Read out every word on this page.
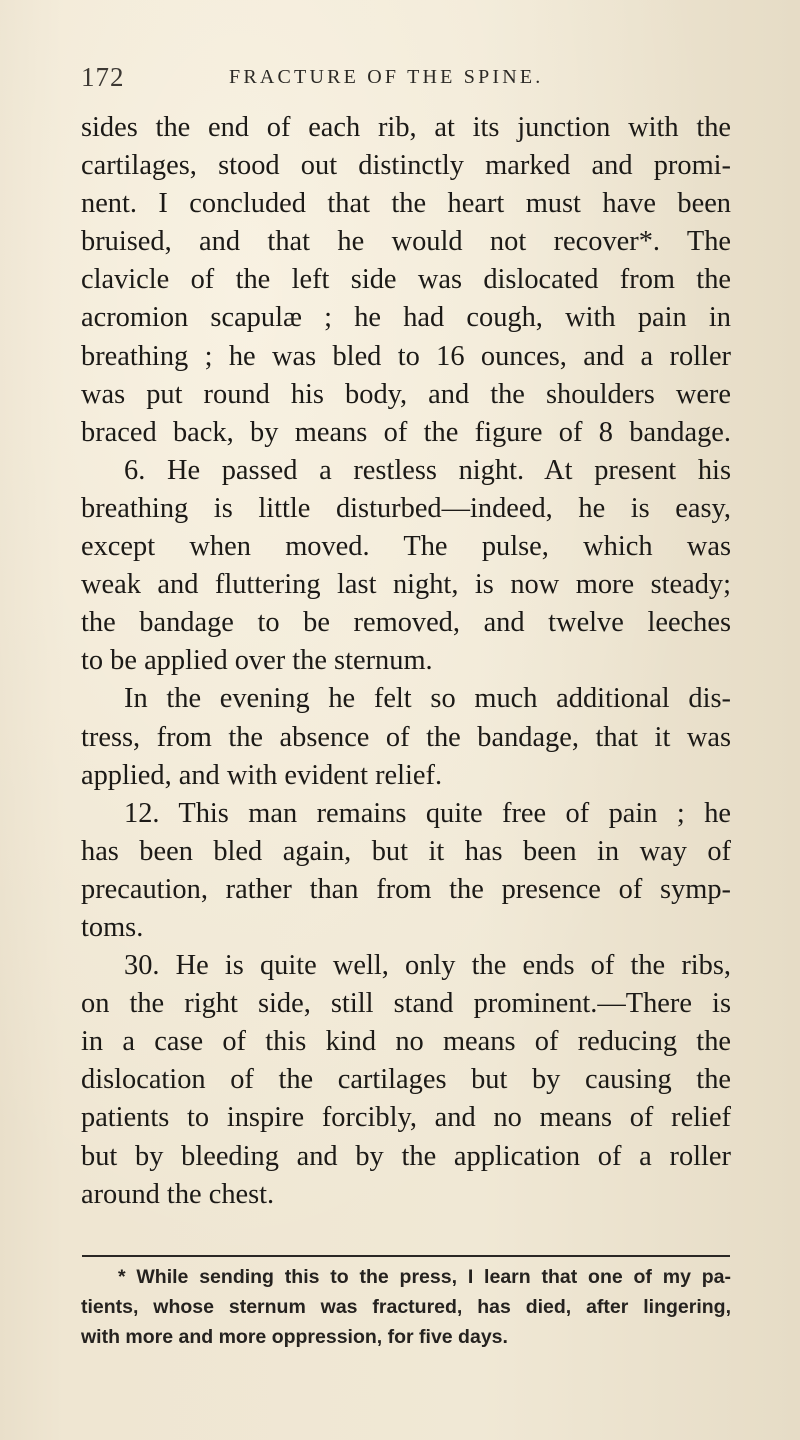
172	FRACTURE OF THE SPINE.
sides the end of each rib, at its junction with the
cartilages, stood out distinctly marked and promi-
nent. I concluded that the heart must have been
bruised, and that he would not recover*. The
clavicle of the left side was dislocated from the
acromion scapulæ ; he had cough, with pain in
breathing ; he was bled to 16 ounces, and a roller
was put round his body, and the shoulders were
braced back, by means of the figure of 8 bandage.
6. He passed a restless night. At present his
breathing is little disturbed—indeed, he is easy,
except when moved. The pulse, which was
weak and fluttering last night, is now more steady;
the bandage to be removed, and twelve leeches
to be applied over the sternum.
In the evening he felt so much additional dis-
tress, from the absence of the bandage, that it was
applied, and with evident relief.
12. This man remains quite free of pain ; he
has been bled again, but it has been in way of
precaution, rather than from the presence of symp-
toms.
30. He is quite well, only the ends of the ribs,
on the right side, still stand prominent.—There is
in a case of this kind no means of reducing the
dislocation of the cartilages but by causing the
patients to inspire forcibly, and no means of relief
but by bleeding and by the application of a roller
around the chest.
* While sending this to the press, I learn that one of my pa-
tients, whose sternum was fractured, has died, after lingering,
with more and more oppression, for five days.
